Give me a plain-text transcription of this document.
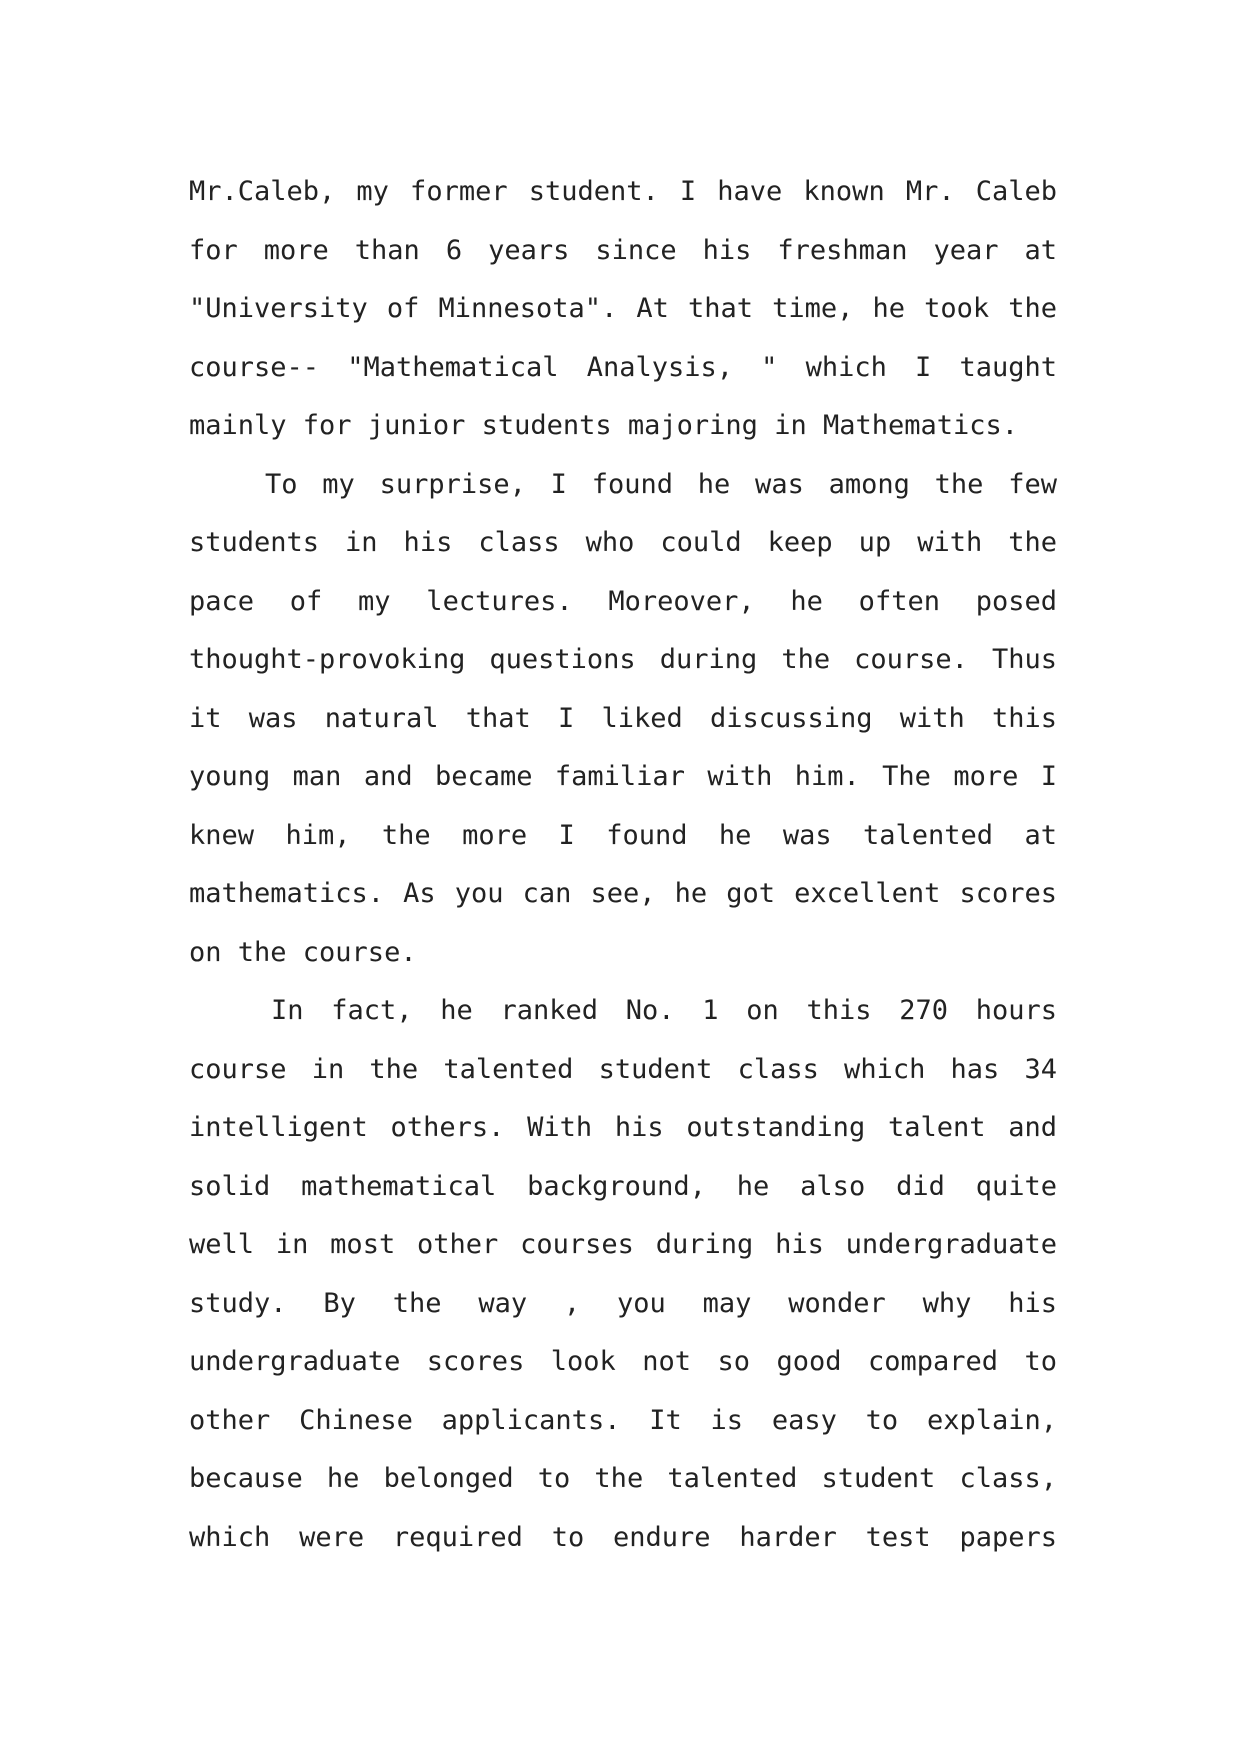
Mr.Caleb, my former student. I have known Mr. Caleb
for more than 6 years since his freshman year at
"University of Minnesota". At that time, he took the
course-- "Mathematical Analysis, " which I taught
mainly for junior students majoring in Mathematics.
To my surprise, I found he was among the few
students in his class who could keep up with the
pace of my lectures. Moreover, he often posed
thought-provoking questions during the course. Thus
it was natural that I liked discussing with this
young man and became familiar with him. The more I
knew him, the more I found he was talented at
mathematics. As you can see, he got excellent scores
on the course.
In fact, he ranked No. 1 on this 270 hours
course in the talented student class which has 34
intelligent others. With his outstanding talent and
solid mathematical background, he also did quite
well in most other courses during his undergraduate
study. By the way , you may wonder why his
undergraduate scores look not so good compared to
other Chinese applicants. It is easy to explain,
because he belonged to the talented student class,
which were required to endure harder test papers
